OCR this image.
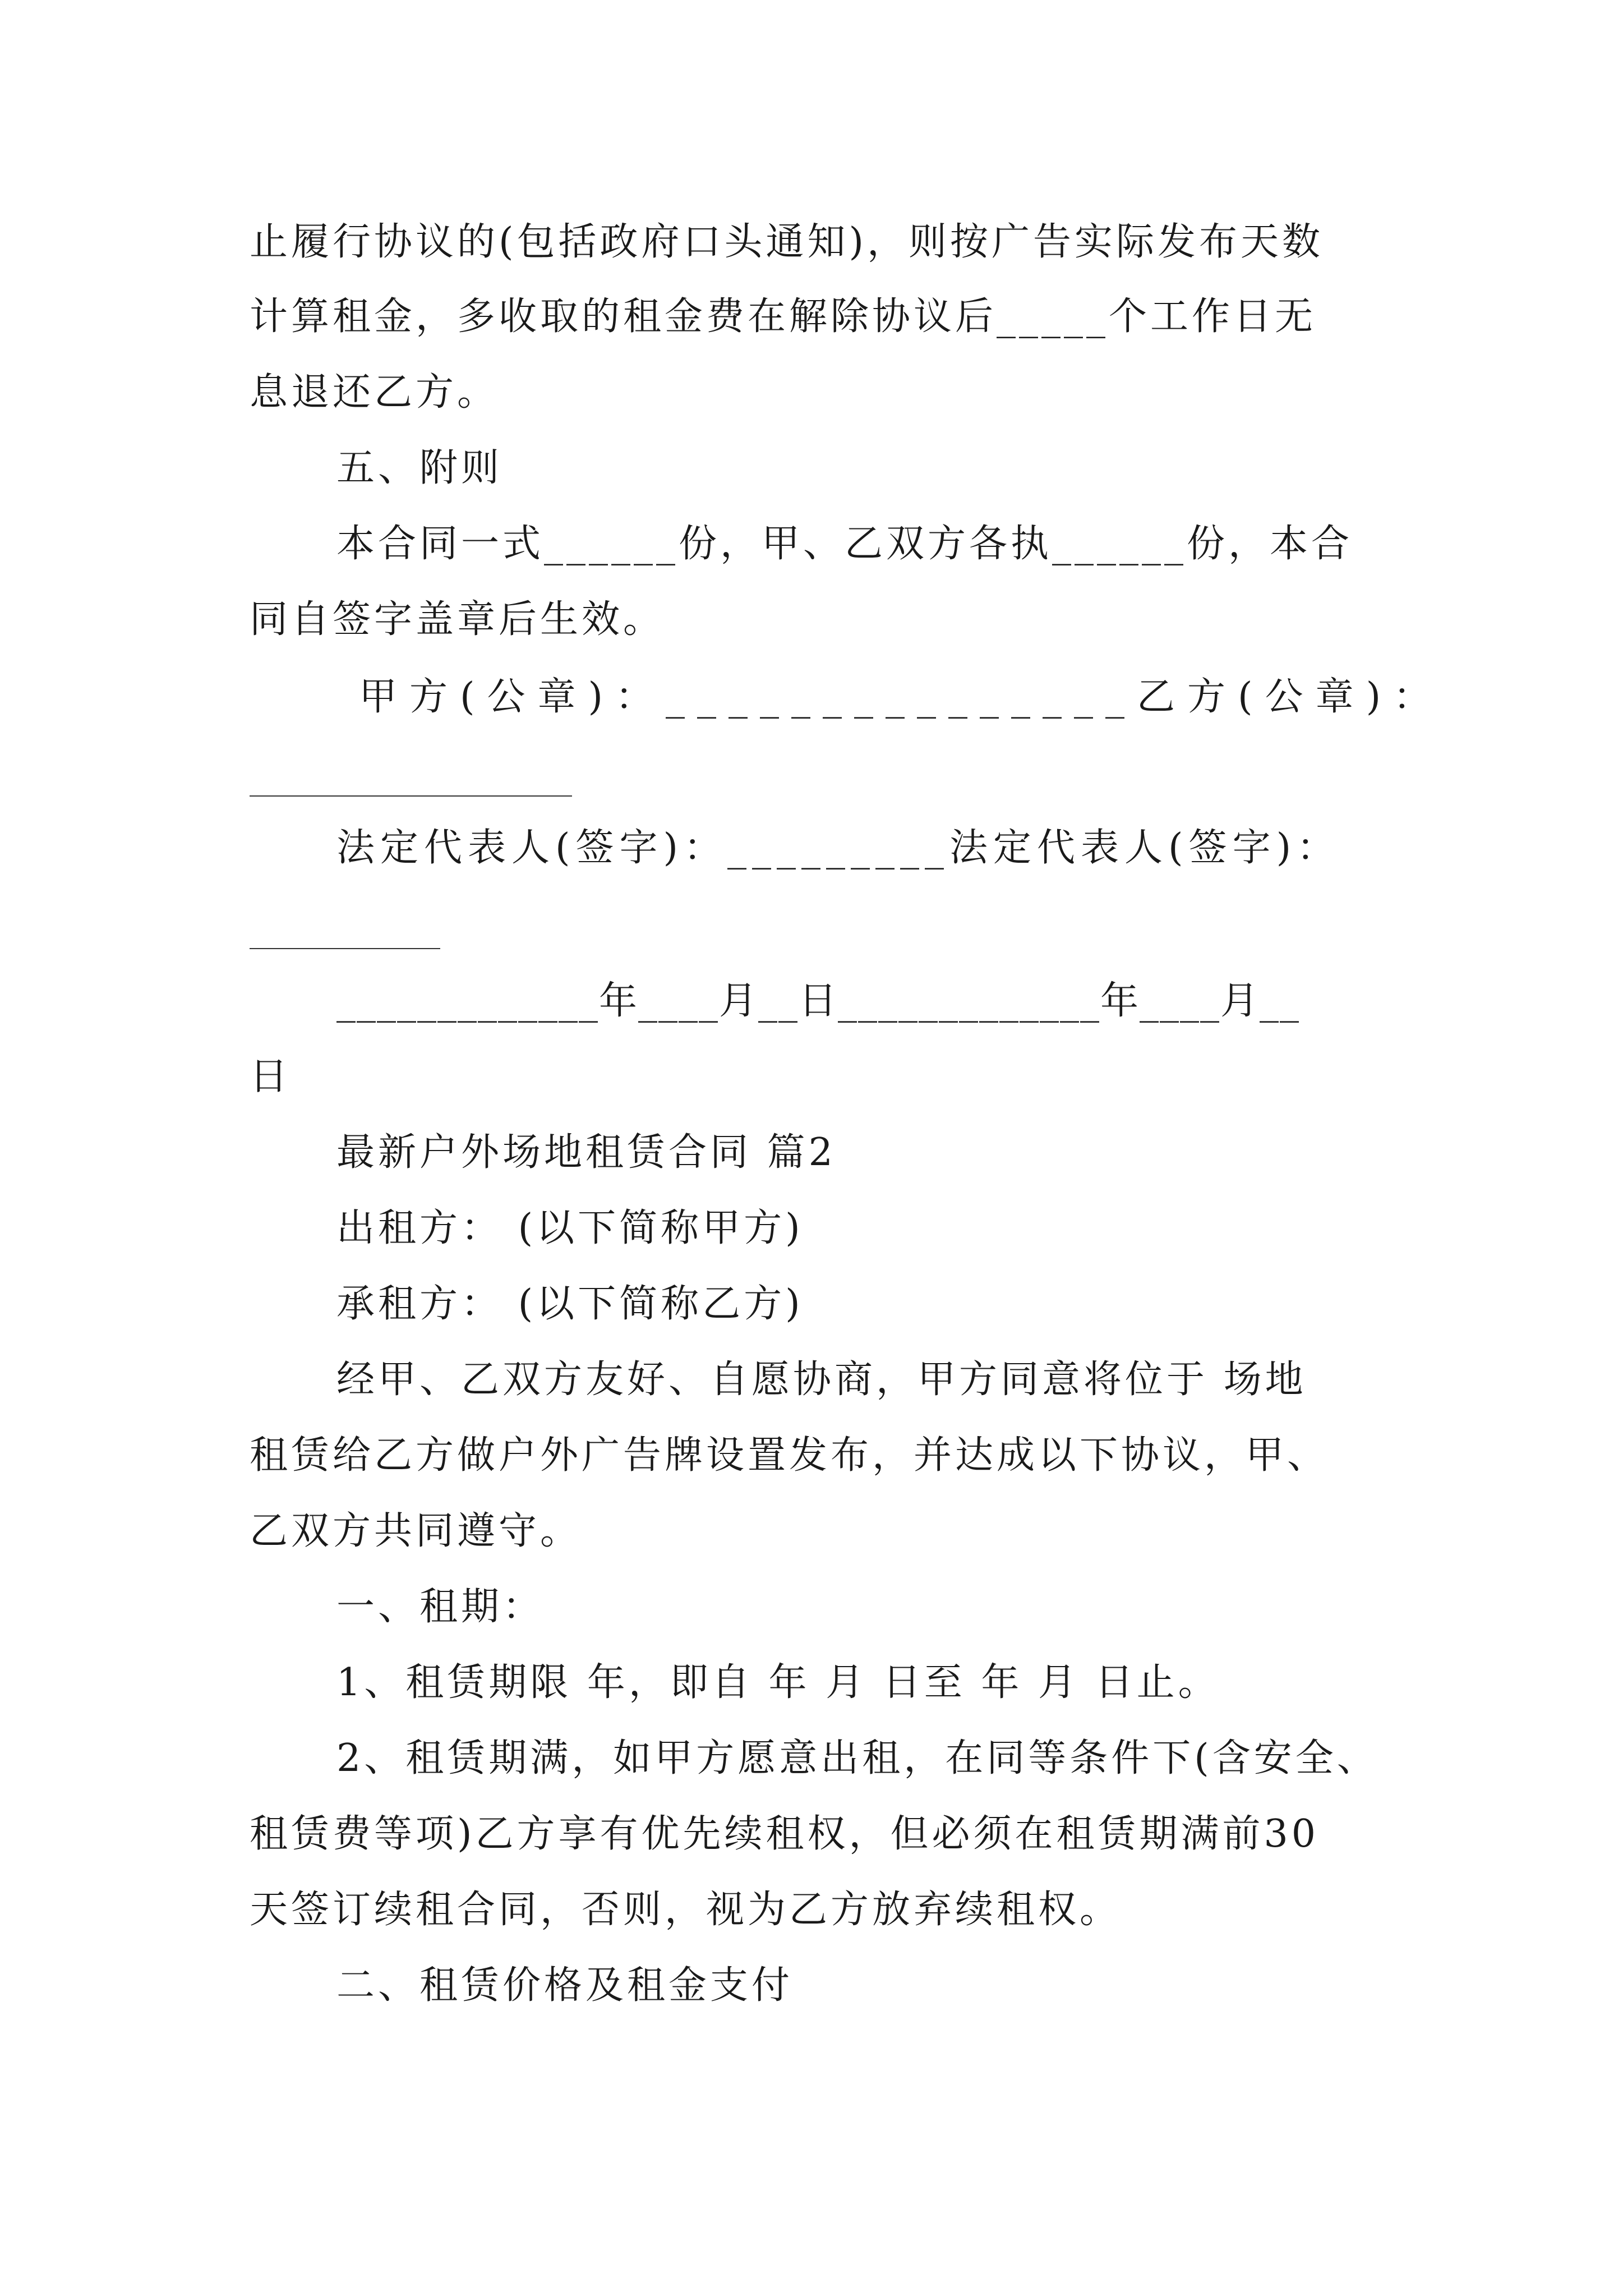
止履行协议的(包括政府口头通知)，则按广告实际发布天数
计算租金，多收取的租金费在解除协议后_____个工作日无
息退还乙方。
五、附则
本合同一式______份，甲、乙双方各执______份，本合
同自签字盖章后生效。
甲方(公章)：_______________乙方(公章)：
法定代表人(签字)：_________法定代表人(签字)：
_____________年____月__日_____________年____月__
日
最新户外场地租赁合同 篇2
出租方： (以下简称甲方)
承租方： (以下简称乙方)
经甲、乙双方友好、自愿协商，甲方同意将位于 场地
租赁给乙方做户外广告牌设置发布，并达成以下协议，甲、
乙双方共同遵守。
一、租期：
1、租赁期限 年，即自 年 月 日至 年 月 日止。
2、租赁期满，如甲方愿意出租，在同等条件下(含安全、
租赁费等项)乙方享有优先续租权，但必须在租赁期满前30
天签订续租合同，否则，视为乙方放弃续租权。
二、租赁价格及租金支付
